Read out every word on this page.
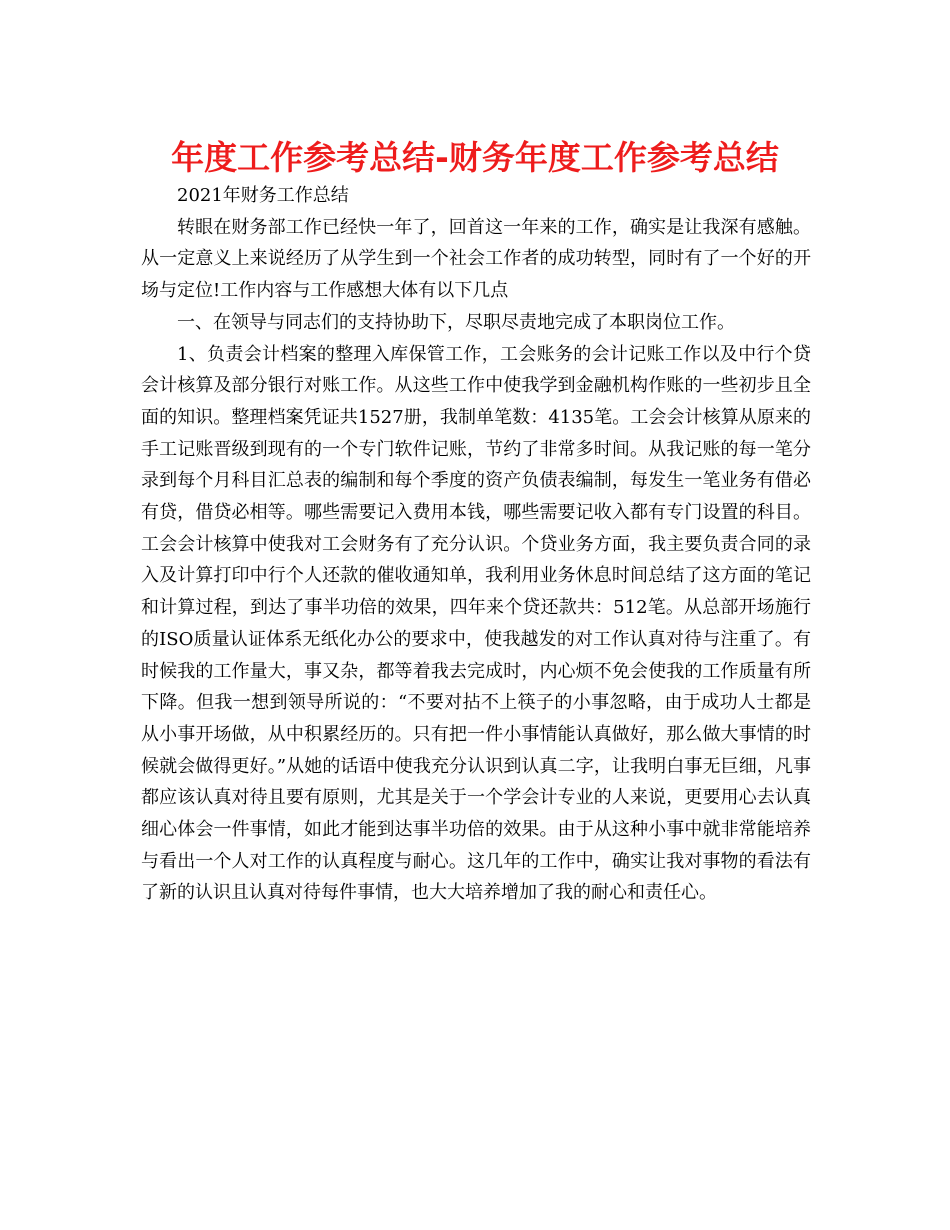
年度工作参考总结-财务年度工作参考总结

2021年财务工作总结

转眼在财务部工作已经快一年了，回首这一年来的工作，确实是让我深有感触。从一定意义上来说经历了从学生到一个社会工作者的成功转型，同时有了一个好的开场与定位!工作内容与工作感想大体有以下几点

一、在领导与同志们的支持协助下，尽职尽责地完成了本职岗位工作。

1、负责会计档案的整理入库保管工作，工会账务的会计记账工作以及中行个贷会计核算及部分银行对账工作。从这些工作中使我学到金融机构作账的一些初步且全面的知识。整理档案凭证共1527册，我制单笔数：4135笔。工会会计核算从原来的手工记账晋级到现有的一个专门软件记账，节约了非常多时间。从我记账的每一笔分录到每个月科目汇总表的编制和每个季度的资产负债表编制，每发生一笔业务有借必有贷，借贷必相等。哪些需要记入费用本钱，哪些需要记收入都有专门设置的科目。工会会计核算中使我对工会财务有了充分认识。个贷业务方面，我主要负责合同的录入及计算打印中行个人还款的催收通知单，我利用业务休息时间总结了这方面的笔记和计算过程，到达了事半功倍的效果，四年来个贷还款共：512笔。从总部开场施行的ISO质量认证体系无纸化办公的要求中，使我越发的对工作认真对待与注重了。有时候我的工作量大，事又杂，都等着我去完成时，内心烦不免会使我的工作质量有所下降。但我一想到领导所说的：“不要对拈不上筷子的小事忽略，由于成功人士都是从小事开场做，从中积累经历的。只有把一件小事情能认真做好，那么做大事情的时候就会做得更好。”从她的话语中使我充分认识到认真二字，让我明白事无巨细，凡事都应该认真对待且要有原则，尤其是关于一个学会计专业的人来说，更要用心去认真细心体会一件事情，如此才能到达事半功倍的效果。由于从这种小事中就非常能培养与看出一个人对工作的认真程度与耐心。这几年的工作中，确实让我对事物的看法有了新的认识且认真对待每件事情，也大大培养增加了我的耐心和责任心。
